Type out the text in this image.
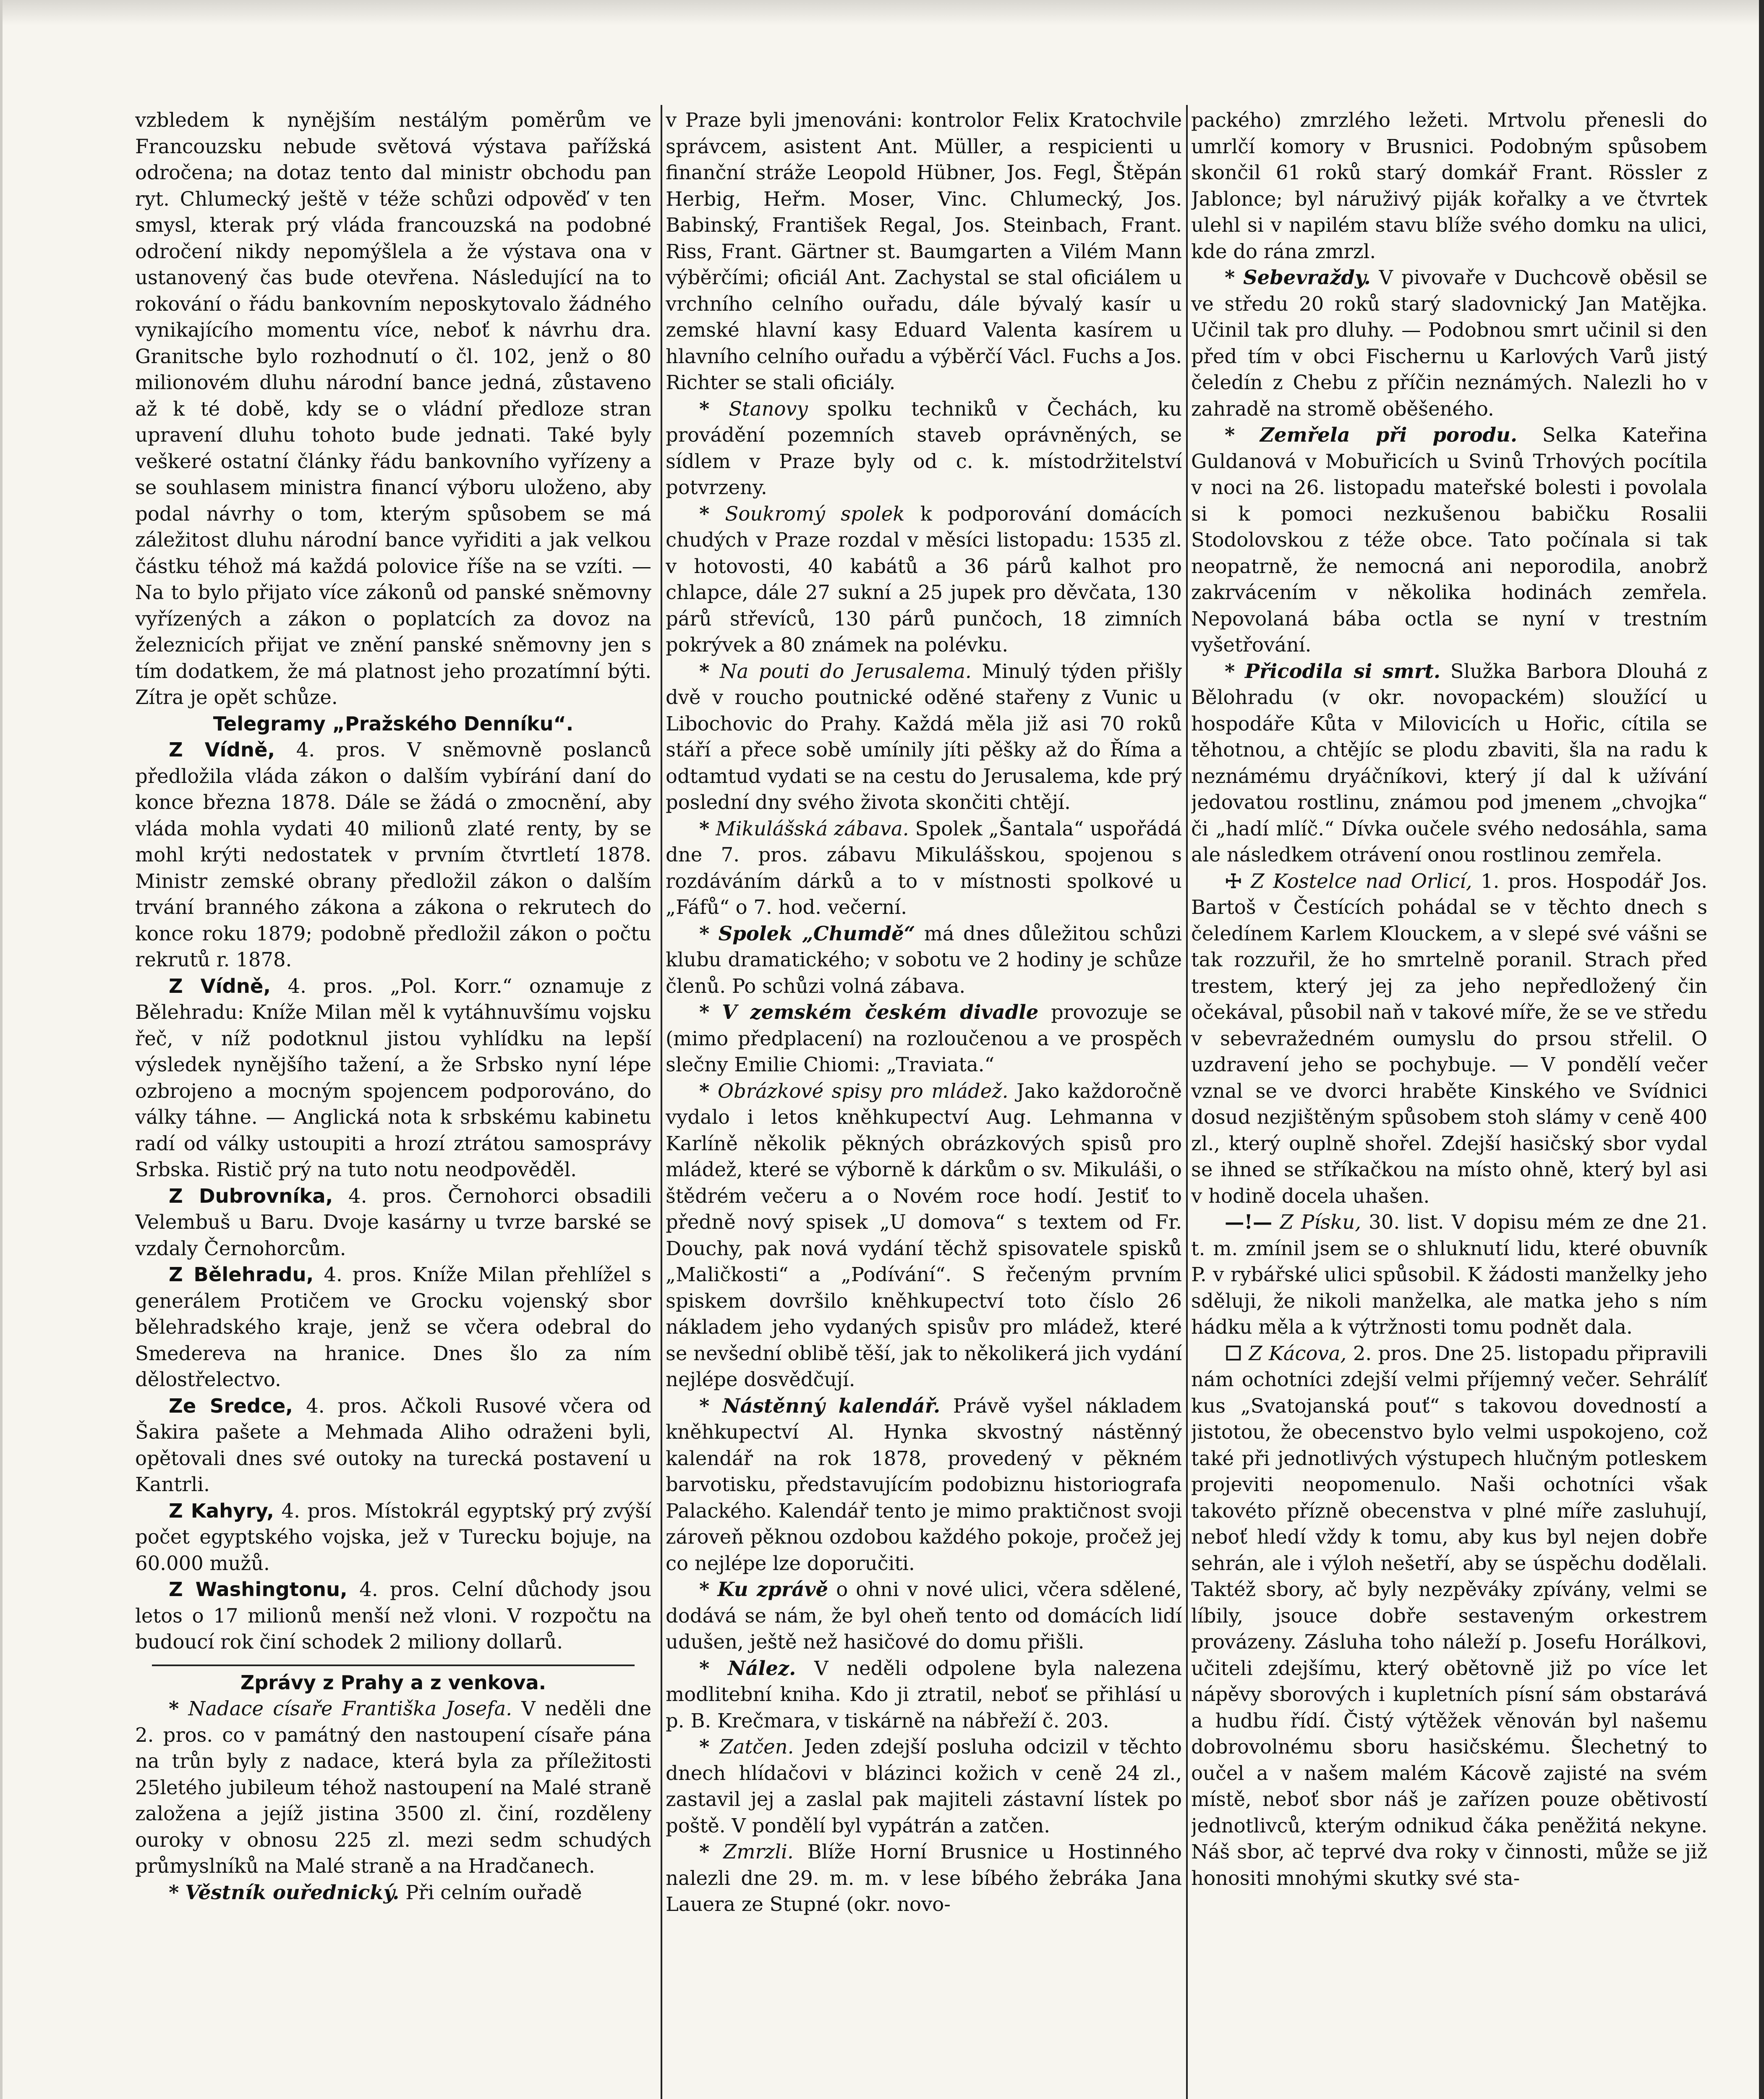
vzbledem k nynějším nestálým poměrům ve Francouzsku nebude světová výstava pařížská odročena; na dotaz tento dal ministr obchodu pan ryt. Chlumecký ještě v téže schůzi odpověď v ten smysl, kterak prý vláda francouzská na podobné odročení nikdy nepomýšlela a že výstava ona v ustanovený čas bude otevřena. Následující na to rokování o řádu bankovním neposkytovalo žádného vynikajícího momentu více, neboť k návrhu dra. Granitsche bylo rozhodnutí o čl. 102, jenž o 80 milionovém dluhu národní bance jedná, zůstaveno až k té době, kdy se o vládní předloze stran upravení dluhu tohoto bude jednati. Také byly veškeré ostatní články řádu bankovního vyřízeny a se souhlasem ministra financí výboru uloženo, aby podal návrhy o tom, kterým spůsobem se má záležitost dluhu národní bance vyřiditi a jak velkou částku téhož má každá polovice říše na se vzíti. — Na to bylo přijato více zákonů od panské sněmovny vyřízených a zákon o poplatcích za dovoz na železnicích přijat ve znění panské sněmovny jen s tím dodatkem, že má platnost jeho prozatímní býti. Zítra je opět schůze.

Telegramy „Pražského Denníku“.

Z Vídně, 4. pros. V sněmovně poslanců předložila vláda zákon o dalším vybírání daní do konce března 1878. Dále se žádá o zmocnění, aby vláda mohla vydati 40 milionů zlaté renty, by se mohl krýti nedostatek v prvním čtvrtletí 1878. Ministr zemské obrany předložil zákon o dalším trvání branného zákona a zákona o rekrutech do konce roku 1879; podobně předložil zákon o počtu rekrutů r. 1878.

Z Vídně, 4. pros. „Pol. Korr.“ oznamuje z Bělehradu: Kníže Milan měl k vytáhnuvšímu vojsku řeč, v níž podotknul jistou vyhlídku na lepší výsledek nynějšího tažení, a že Srbsko nyní lépe ozbrojeno a mocným spojencem podporováno, do války táhne. — Anglická nota k srbskému kabinetu radí od války ustoupiti a hrozí ztrátou samosprávy Srbska. Ristič prý na tuto notu neodpověděl.

Z Dubrovníka, 4. pros. Černohorci obsadili Velembuš u Baru. Dvoje kasárny u tvrze barské se vzdaly Černohorcům.

Z Bělehradu, 4. pros. Kníže Milan přehlížel s generálem Protičem ve Grocku vojenský sbor bělehradského kraje, jenž se včera odebral do Smedereva na hranice. Dnes šlo za ním dělostřelectvo.

Ze Sredce, 4. pros. Ačkoli Rusové včera od Šakira pašete a Mehmada Aliho odraženi byli, opětovali dnes své outoky na turecká postavení u Kantrli.

Z Kahyry, 4. pros. Místokrál egyptský prý zvýší počet egyptského vojska, jež v Turecku bojuje, na 60.000 mužů.

Z Washingtonu, 4. pros. Celní důchody jsou letos o 17 milionů menší než vloni. V rozpočtu na budoucí rok činí schodek 2 miliony dollarů.

Zprávy z Prahy a z venkova.

* Nadace císaře Františka Josefa. V neděli dne 2. pros. co v památný den nastoupení císaře pána na trůn byly z nadace, která byla za příležitosti 25letého jubileum téhož nastoupení na Malé straně založena a jejíž jistina 3500 zl. činí, rozděleny ouroky v obnosu 225 zl. mezi sedm schudých průmyslníků na Malé straně a na Hradčanech.

* Věstník ouřednický. Při celním ouřadě

v Praze byli jmenováni: kontrolor Felix Kratochvile správcem, asistent Ant. Müller, a respicienti u finanční stráže Leopold Hübner, Jos. Fegl, Štěpán Herbig, Heřm. Moser, Vinc. Chlumecký, Jos. Babinský, František Regal, Jos. Steinbach, Frant. Riss, Frant. Gärtner st. Baumgarten a Vilém Mann výběrčími; oficiál Ant. Zachystal se stal oficiálem u vrchního celního ouřadu, dále bývalý kasír u zemské hlavní kasy Eduard Valenta kasírem u hlavního celního ouřadu a výběrčí Václ. Fuchs a Jos. Richter se stali oficiály.

* Stanovy spolku techniků v Čechách, ku provádění pozemních staveb oprávněných, se sídlem v Praze byly od c. k. místodržitelství potvrzeny.

* Soukromý spolek k podporování domácích chudých v Praze rozdal v měsíci listopadu: 1535 zl. v hotovosti, 40 kabátů a 36 párů kalhot pro chlapce, dále 27 sukní a 25 jupek pro děvčata, 130 párů střevíců, 130 párů punčoch, 18 zimních pokrývek a 80 známek na polévku.

* Na pouti do Jerusalema. Minulý týden přišly dvě v roucho poutnické oděné stařeny z Vunic u Libochovic do Prahy. Každá měla již asi 70 roků stáří a přece sobě umínily jíti pěšky až do Říma a odtamtud vydati se na cestu do Jerusalema, kde prý poslední dny svého života skončiti chtějí.

* Mikulášská zábava. Spolek „Šantala“ uspořádá dne 7. pros. zábavu Mikulášskou, spojenou s rozdáváním dárků a to v místnosti spolkové u „Fáfů“ o 7. hod. večerní.

* Spolek „Chumdě“ má dnes důležitou schůzi klubu dramatického; v sobotu ve 2 hodiny je schůze členů. Po schůzi volná zábava.

* V zemském českém divadle provozuje se (mimo předplacení) na rozloučenou a ve prospěch slečny Emilie Chiomi: „Traviata.“

* Obrázkové spisy pro mládež. Jako každoročně vydalo i letos kněhkupectví Aug. Lehmanna v Karlíně několik pěkných obrázkových spisů pro mládež, které se výborně k dárkům o sv. Mikuláši, o štědrém večeru a o Novém roce hodí. Jestiť to předně nový spisek „U domova“ s textem od Fr. Douchy, pak nová vydání těchž spisovatele spisků „Maličkosti“ a „Podívání“. S řečeným prvním spiskem dovršilo kněhkupectví toto číslo 26 nákladem jeho vydaných spisův pro mládež, které se nevšední oblibě těší, jak to několikerá jich vydání nejlépe dosvědčují.

* Nástěnný kalendář. Právě vyšel nákladem kněhkupectví Al. Hynka skvostný nástěnný kalendář na rok 1878, provedený v pěkném barvotisku, představujícím podobiznu historiografa Palackého. Kalendář tento je mimo praktičnost svoji zároveň pěknou ozdobou každého pokoje, pročež jej co nejlépe lze doporučiti.

* Ku zprávě o ohni v nové ulici, včera sdělené, dodává se nám, že byl oheň tento od domácích lidí udušen, ještě než hasičové do domu přišli.

* Nález. V neděli odpolene byla nalezena modlitební kniha. Kdo ji ztratil, neboť se přihlásí u p. B. Krečmara, v tiskárně na nábřeží č. 203.

* Zatčen. Jeden zdejší posluha odcizil v těchto dnech hlídačovi v blázinci kožich v ceně 24 zl., zastavil jej a zaslal pak majiteli zástavní lístek po poště. V pondělí byl vypátrán a zatčen.

* Zmrzli. Blíže Horní Brusnice u Hostinného nalezli dne 29. m. m. v lese bíbého žebráka Jana Lauera ze Stupné (okr. novo-

packého) zmrzlého ležeti. Mrtvolu přenesli do umrlčí komory v Brusnici. Podobným spůsobem skončil 61 roků starý domkář Frant. Rössler z Jablonce; byl náruživý piják kořalky a ve čtvrtek ulehl si v napilém stavu blíže svého domku na ulici, kde do rána zmrzl.

* Sebevraždy. V pivovaře v Duchcově oběsil se ve středu 20 roků starý sladovnický Jan Matějka. Učinil tak pro dluhy. — Podobnou smrt učinil si den před tím v obci Fischernu u Karlových Varů jistý čeledín z Chebu z příčin neznámých. Nalezli ho v zahradě na stromě oběšeného.

* Zemřela při porodu. Selka Kateřina Guldanová v Mobuřicích u Svinů Trhových pocítila v noci na 26. listopadu mateřské bolesti i povolala si k pomoci nezkušenou babičku Rosalii Stodolovskou z téže obce. Tato počínala si tak neopatrně, že nemocná ani neporodila, anobrž zakrvácením v několika hodinách zemřela. Nepovolaná bába octla se nyní v trestním vyšetřování.

* Přicodila si smrt. Služka Barbora Dlouhá z Bělohradu (v okr. novopackém) sloužící u hospodáře Kůta v Milovicích u Hořic, cítila se těhotnou, a chtějíc se plodu zbaviti, šla na radu k neznámému dryáčníkovi, který jí dal k užívání jedovatou rostlinu, známou pod jmenem „chvojka“ či „hadí mlíč.“ Dívka oučele svého nedosáhla, sama ale následkem otrávení onou rostlinou zemřela.

☩ Z Kostelce nad Orlicí, 1. pros. Hospodář Jos. Bartoš v Čestících pohádal se v těchto dnech s čeledínem Karlem Klouckem, a v slepé své vášni se tak rozzuřil, že ho smrtelně poranil. Strach před trestem, který jej za jeho nepředložený čin očekával, působil naň v takové míře, že se ve středu v sebevražedném oumyslu do prsou střelil. O uzdravení jeho se pochybuje. — V pondělí večer vznal se ve dvorci hraběte Kinského ve Svídnici dosud nezjištěným spůsobem stoh slámy v ceně 400 zl., který ouplně shořel. Zdejší hasičský sbor vydal se ihned se stříkačkou na místo ohně, který byl asi v hodině docela uhašen.

—!— Z Písku, 30. list. V dopisu mém ze dne 21. t. m. zmínil jsem se o shluknutí lidu, které obuvník P. v rybářské ulici spůsobil. K žádosti manželky jeho sděluji, že nikoli manželka, ale matka jeho s ním hádku měla a k výtržnosti tomu podnět dala.

☐ Z Kácova, 2. pros. Dne 25. listopadu připravili nám ochotníci zdejší velmi příjemný večer. Sehrálíť kus „Svatojanská pouť“ s takovou dovedností a jistotou, že obecenstvo bylo velmi uspokojeno, což také při jednotlivých výstupech hlučným potleskem projeviti neopomenulo. Naši ochotníci však takovéto přízně obecenstva v plné míře zasluhují, neboť hledí vždy k tomu, aby kus byl nejen dobře sehrán, ale i výloh nešetří, aby se úspěchu dodělali. Taktéž sbory, ač byly nezpěváky zpívány, velmi se líbily, jsouce dobře sestaveným orkestrem provázeny. Zásluha toho náleží p. Josefu Horálkovi, učiteli zdejšímu, který obětovně již po více let nápěvy sborových i kupletních písní sám obstarává a hudbu řídí. Čistý výtěžek věnován byl našemu dobrovolnému sboru hasičskému. Šlechetný to oučel a v našem malém Kácově zajisté na svém místě, neboť sbor náš je zařízen pouze obětivostí jednotlivců, kterým odnikud čáka peněžitá nekyne. Náš sbor, ač teprvé dva roky v činnosti, může se již honositi mnohými skutky své sta-
